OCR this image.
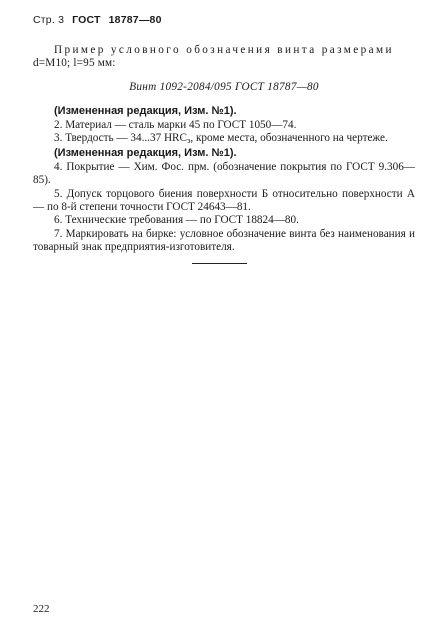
Стр. 3 ГОСТ 18787—80

Пример условного обозначения винта размерами

d=M10; l=95 мм:

Винт 1092-2084/095 ГОСТ 18787—80

(Измененная редакция, Изм. №1).

2. Материал — сталь марки 45 по ГОСТ 1050—74.

3. Твердость — 34...37 $HRC_э$, кроме места, обозначенного на чертеже.

(Измененная редакция, Изм. №1).

4. Покрытие — Хим. Фос. прм. (обозначение покрытия по ГОСТ 9.306—85).

5. Допуск торцового биения поверхности Б относительно поверхности А — по 8-й степени точности ГОСТ 24643—81.

6. Технические требования — по ГОСТ 18824—80.

7. Маркировать на бирке: условное обозначение винта без наименования и товарный знак предприятия-изготовителя.

222
